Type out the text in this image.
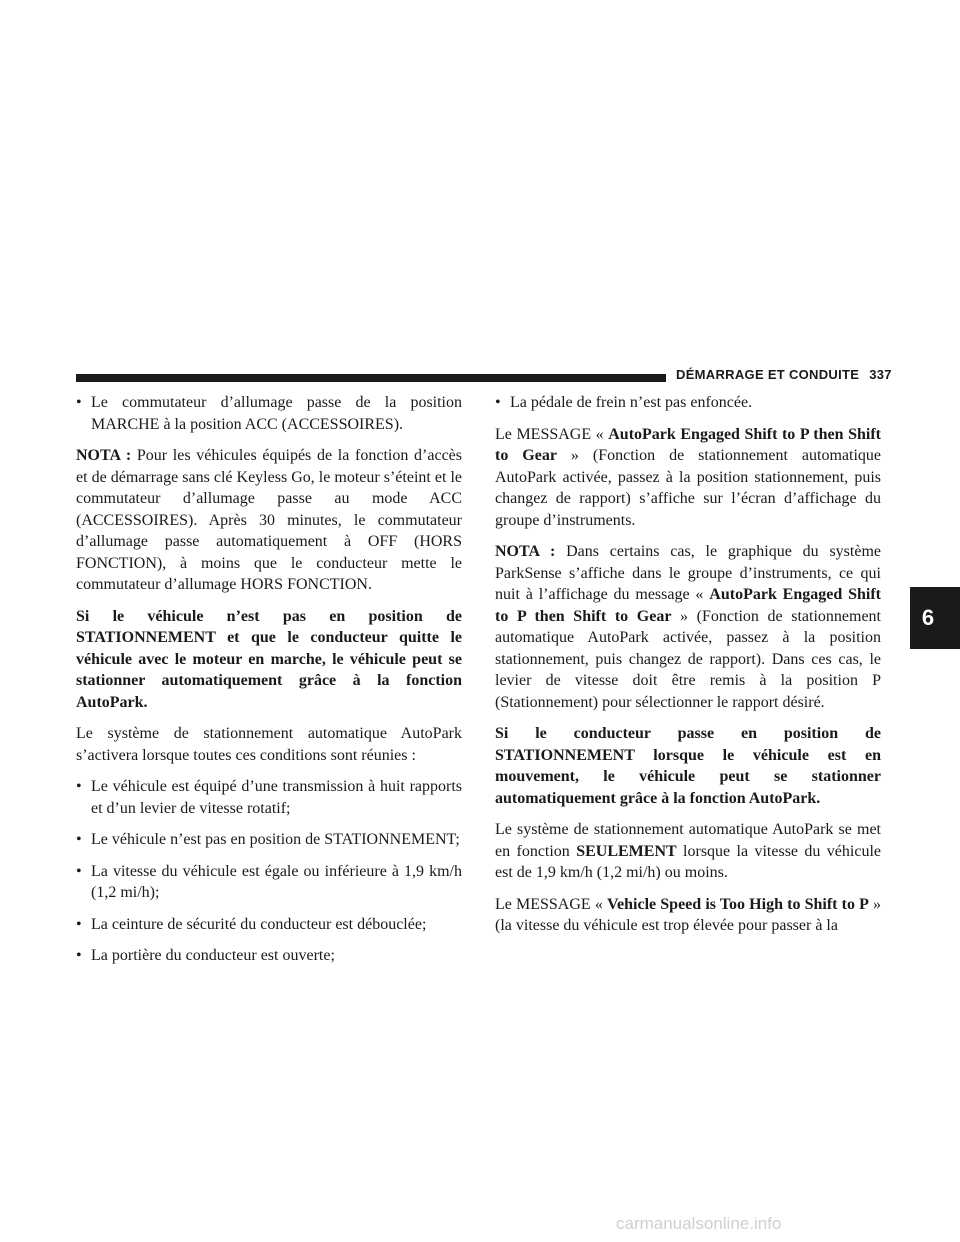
DÉMARRAGE ET CONDUITE 337
6
• Le commutateur d’allumage passe de la position MARCHE à la position ACC (ACCESSOIRES).

NOTA : Pour les véhicules équipés de la fonction d’accès et de démarrage sans clé Keyless Go, le moteur s’éteint et le commutateur d’allumage passe au mode ACC (ACCESSOIRES). Après 30 minutes, le commutateur d’allumage passe automatiquement à OFF (HORS FONCTION), à moins que le conducteur mette le commutateur d’allumage HORS FONCTION.

Si le véhicule n’est pas en position de STATIONNEMENT et que le conducteur quitte le véhicule avec le moteur en marche, le véhicule peut se stationner automatiquement grâce à la fonction AutoPark.

Le système de stationnement automatique AutoPark s’activera lorsque toutes ces conditions sont réunies :

• Le véhicule est équipé d’une transmission à huit rapports et d’un levier de vitesse rotatif;
• Le véhicule n’est pas en position de STATIONNEMENT;
• La vitesse du véhicule est égale ou inférieure à 1,9 km/h (1,2 mi/h);
• La ceinture de sécurité du conducteur est débouclée;
• La portière du conducteur est ouverte;
• La pédale de frein n’est pas enfoncée.

Le MESSAGE « AutoPark Engaged Shift to P then Shift to Gear » (Fonction de stationnement automatique AutoPark activée, passez à la position stationnement, puis changez de rapport) s’affiche sur l’écran d’affichage du groupe d’instruments.

NOTA : Dans certains cas, le graphique du système ParkSense s’affiche dans le groupe d’instruments, ce qui nuit à l’affichage du message « AutoPark Engaged Shift to P then Shift to Gear » (Fonction de stationnement automatique AutoPark activée, passez à la position stationnement, puis changez de rapport). Dans ces cas, le levier de vitesse doit être remis à la position P (Stationnement) pour sélectionner le rapport désiré.

Si le conducteur passe en position de STATIONNEMENT lorsque le véhicule est en mouvement, le véhicule peut se stationner automatiquement grâce à la fonction AutoPark.

Le système de stationnement automatique AutoPark se met en fonction SEULEMENT lorsque la vitesse du véhicule est de 1,9 km/h (1,2 mi/h) ou moins.

Le MESSAGE « Vehicle Speed is Too High to Shift to P » (la vitesse du véhicule est trop élevée pour passer à la

carmanualsonline.info
